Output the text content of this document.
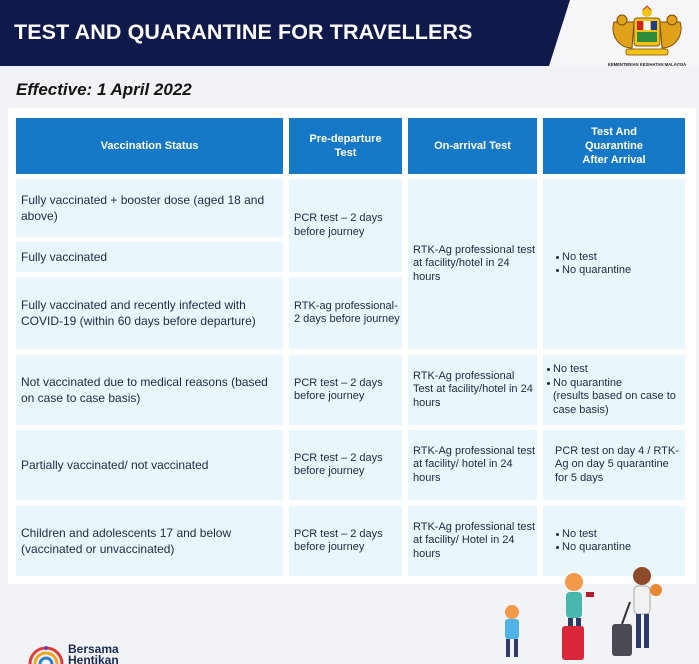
TEST AND QUARANTINE FOR TRAVELLERS
KEMENTERIAN KESIHATAN MALAYSIA
Effective: 1 April 2022
Vaccination Status
Pre-departure Test
On-arrival Test
Test And Quarantine After Arrival
Fully vaccinated + booster dose (aged 18 and above)
Fully vaccinated
Fully vaccinated and recently infected with COVID-19 (within 60 days before departure)
PCR test – 2 days before journey
RTK-ag professional- 2 days before journey
RTK-Ag professional test at facility/hotel in 24 hours
No test
No quarantine
Not vaccinated due to medical reasons (based on case to case basis)
PCR test – 2 days before journey
RTK-Ag professional Test at facility/hotel in 24 hours
No test
No quarantine
(results based on case to case basis)
Partially vaccinated/ not vaccinated
PCR test – 2 days before journey
RTK-Ag professional test at facility/ hotel in 24 hours
PCR test on day 4 / RTK-Ag on day 5 quarantine for 5 days
Children and adolescents 17 and below (vaccinated or unvaccinated)
PCR test – 2 days before journey
RTK-Ag professional test at facility/ Hotel in 24 hours
No test
No quarantine
Bersama
Hentikan
